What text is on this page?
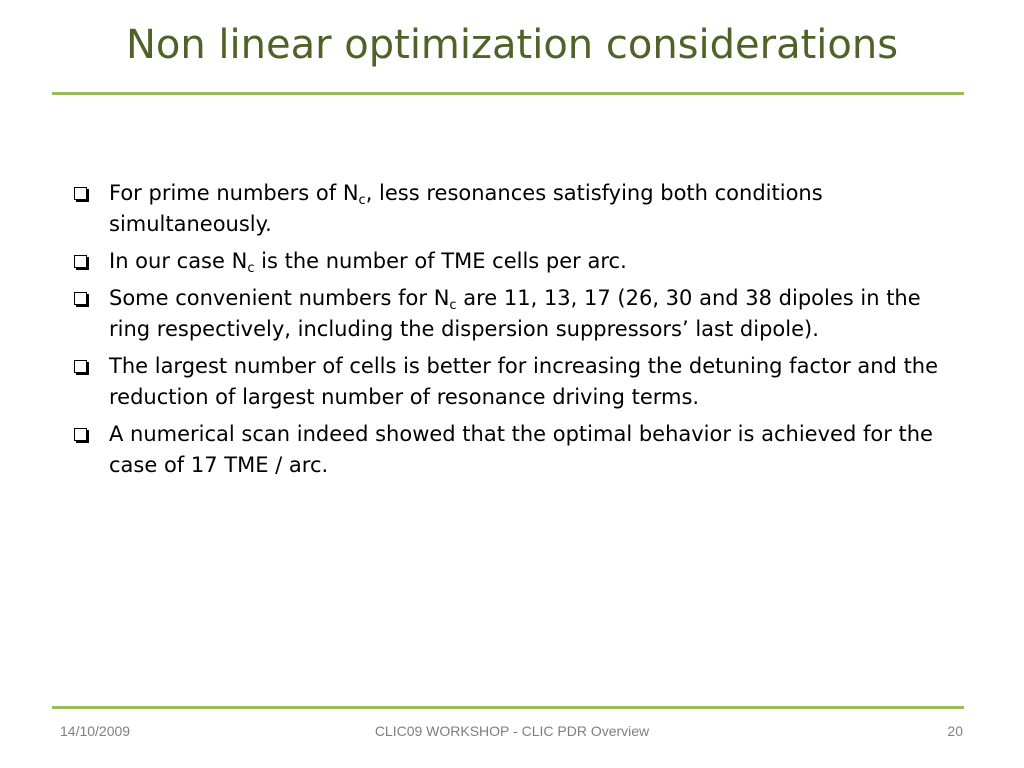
Non linear optimization considerations
For prime numbers of $N_c$, less resonances satisfying both conditions simultaneously.
In our case $N_c$ is the number of TME cells per arc.
Some convenient numbers for $N_c$ are 11, 13, 17 (26, 30 and 38 dipoles in the ring respectively, including the dispersion suppressors’ last dipole).
The largest number of cells is better for increasing the detuning factor and the reduction of largest number of resonance driving terms.
A numerical scan indeed showed that the optimal behavior is achieved for the case of 17 TME / arc.
14/10/2009	CLIC09 WORKSHOP - CLIC PDR Overview	20
